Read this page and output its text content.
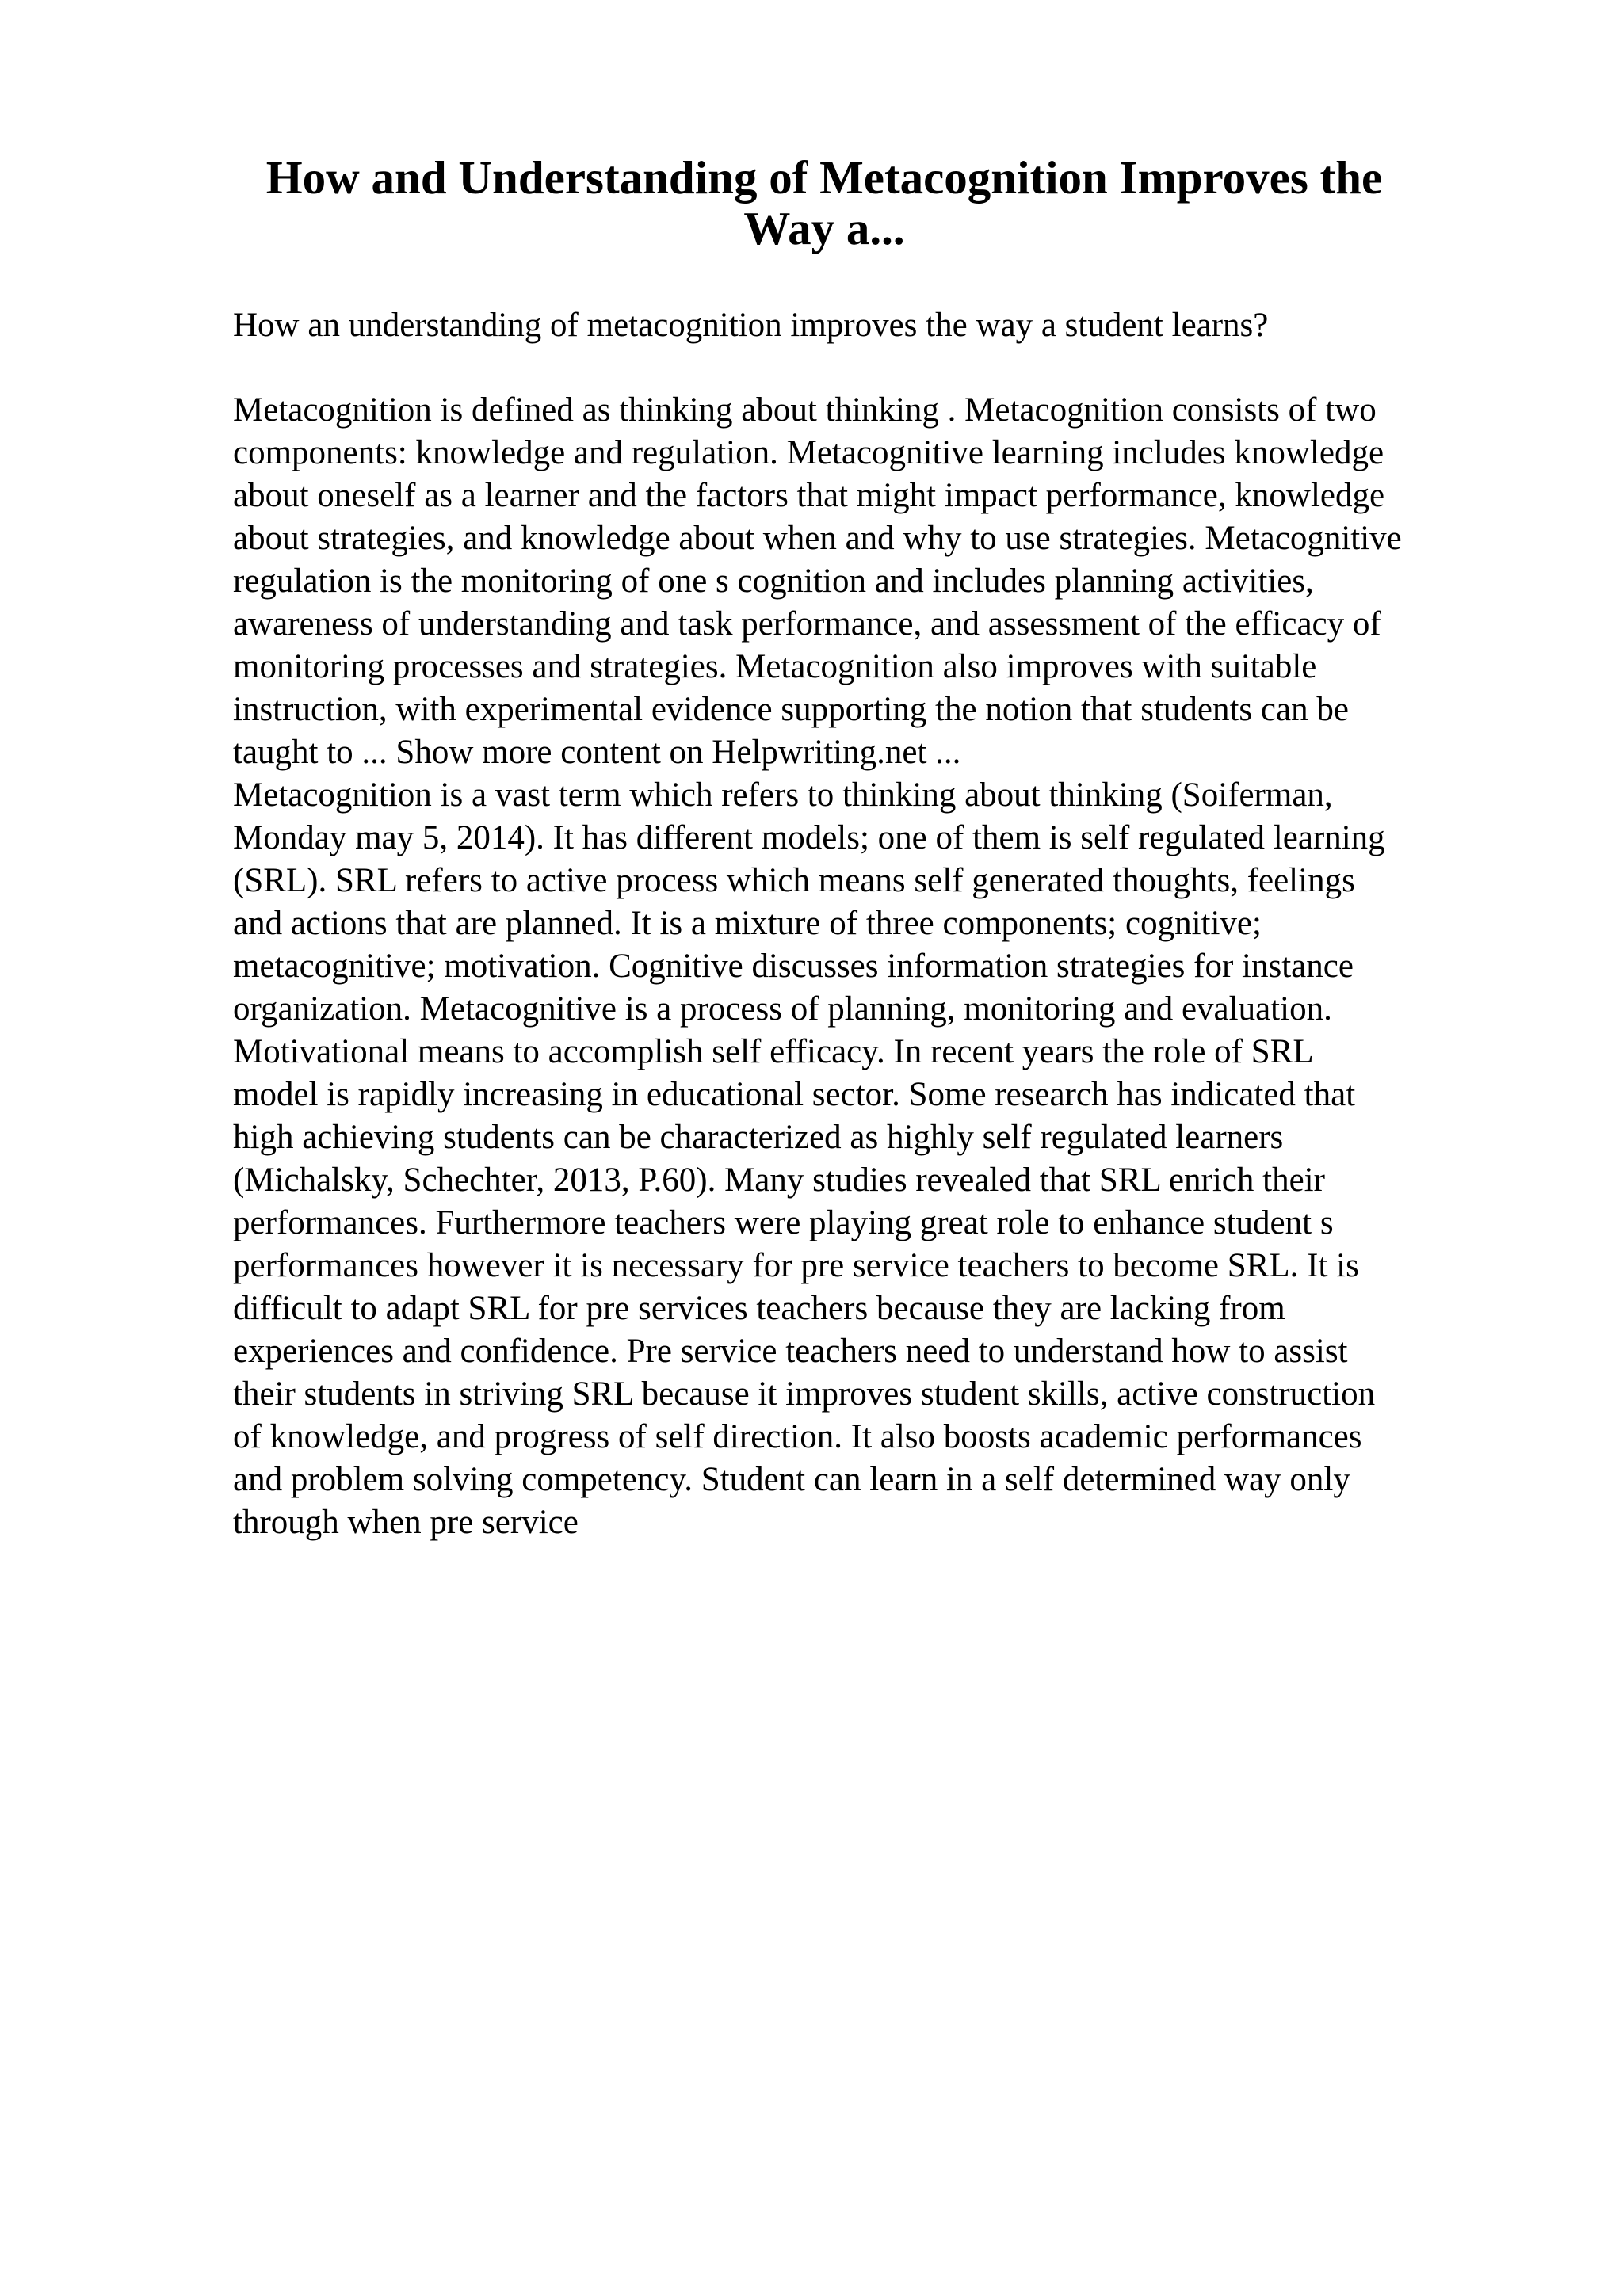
How and Understanding of Metacognition Improves the
Way a...

How an understanding of metacognition improves the way a student learns?

Metacognition is defined as thinking about thinking . Metacognition consists of two

components: knowledge and regulation. Metacognitive learning includes knowledge

about oneself as a learner and the factors that might impact performance, knowledge

about strategies, and knowledge about when and why to use strategies. Metacognitive

regulation is the monitoring of one s cognition and includes planning activities,

awareness of understanding and task performance, and assessment of the efficacy of

monitoring processes and strategies. Metacognition also improves with suitable

instruction, with experimental evidence supporting the notion that students can be

taught to ... Show more content on Helpwriting.net ...

Metacognition is a vast term which refers to thinking about thinking (Soiferman,

Monday may 5, 2014). It has different models; one of them is self regulated learning

(SRL). SRL refers to active process which means self generated thoughts, feelings

and actions that are planned. It is a mixture of three components; cognitive;

metacognitive; motivation. Cognitive discusses information strategies for instance

organization. Metacognitive is a process of planning, monitoring and evaluation.

Motivational means to accomplish self efficacy. In recent years the role of SRL

model is rapidly increasing in educational sector. Some research has indicated that

high achieving students can be characterized as highly self regulated learners

(Michalsky, Schechter, 2013, P.60). Many studies revealed that SRL enrich their

performances. Furthermore teachers were playing great role to enhance student s

performances however it is necessary for pre service teachers to become SRL. It is

difficult to adapt SRL for pre services teachers because they are lacking from

experiences and confidence. Pre service teachers need to understand how to assist

their students in striving SRL because it improves student skills, active construction

of knowledge, and progress of self direction. It also boosts academic performances

and problem solving competency. Student can learn in a self determined way only

through when pre service
